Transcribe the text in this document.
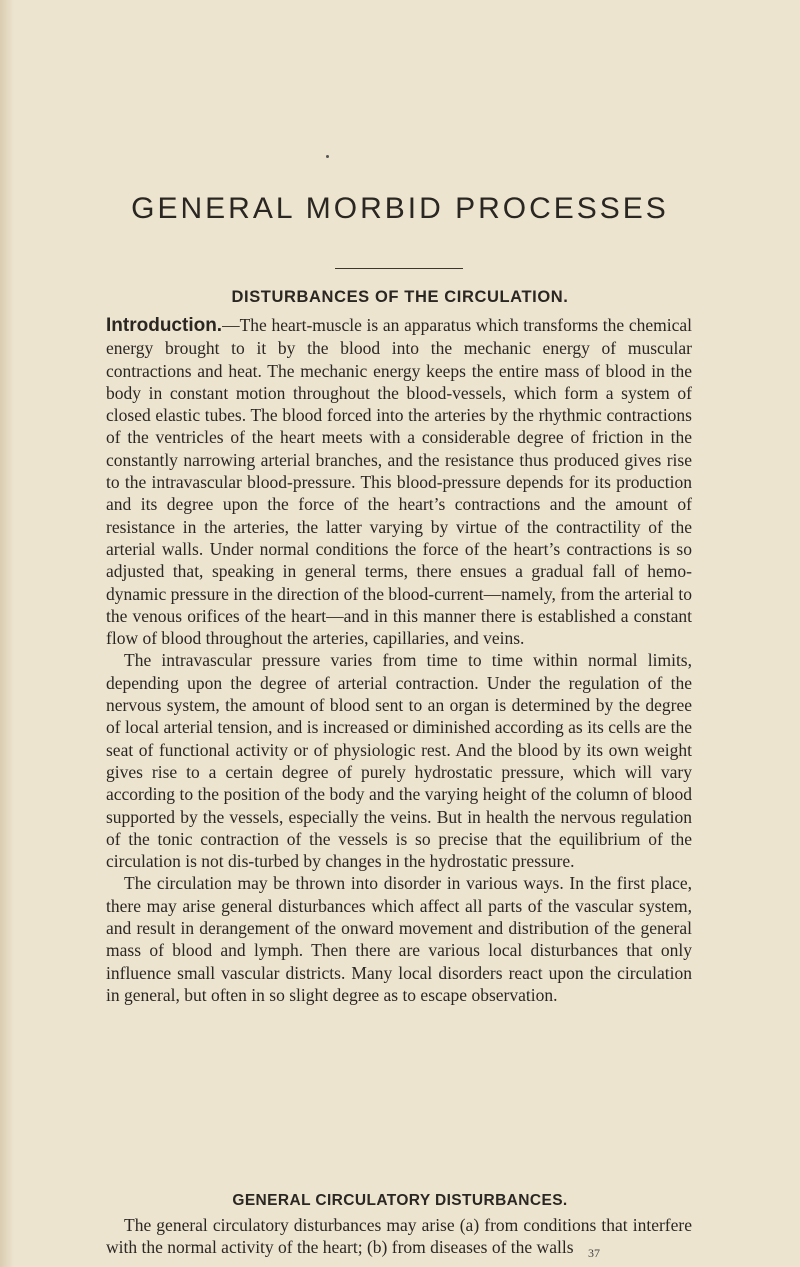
GENERAL MORBID PROCESSES
DISTURBANCES OF THE CIRCULATION.

Introduction.—The heart-muscle is an apparatus which transforms the chemical energy brought to it by the blood into the mechanic energy of muscular contractions and heat. The mechanic energy keeps the entire mass of blood in the body in constant motion throughout the blood-vessels, which form a system of closed elastic tubes. The blood forced into the arteries by the rhythmic contractions of the ventricles of the heart meets with a considerable degree of friction in the constantly narrowing arterial branches, and the resistance thus produced gives rise to the intravascular blood-pressure. This blood-pressure depends for its production and its degree upon the force of the heart’s contractions and the amount of resistance in the arteries, the latter varying by virtue of the contractility of the arterial walls. Under normal conditions the force of the heart’s contractions is so adjusted that, speaking in general terms, there ensues a gradual fall of hemo-dynamic pressure in the direction of the blood-current—namely, from the arterial to the venous orifices of the heart—and in this manner there is established a constant flow of blood throughout the arteries, capillaries, and veins.

The intravascular pressure varies from time to time within normal limits, depending upon the degree of arterial contraction. Under the regulation of the nervous system, the amount of blood sent to an organ is determined by the degree of local arterial tension, and is increased or diminished according as its cells are the seat of functional activity or of physiologic rest. And the blood by its own weight gives rise to a certain degree of purely hydrostatic pressure, which will vary according to the position of the body and the varying height of the column of blood supported by the vessels, especially the veins. But in health the nervous regulation of the tonic contraction of the vessels is so precise that the equilibrium of the circulation is not dis-turbed by changes in the hydrostatic pressure.

The circulation may be thrown into disorder in various ways. In the first place, there may arise general disturbances which affect all parts of the vascular system, and result in derangement of the onward movement and distribution of the general mass of blood and lymph. Then there are various local disturbances that only influence small vascular districts. Many local disorders react upon the circulation in general, but often in so slight degree as to escape observation.

GENERAL CIRCULATORY DISTURBANCES.

The general circulatory disturbances may arise (a) from conditions that interfere with the normal activity of the heart; (b) from diseases of the walls	37
